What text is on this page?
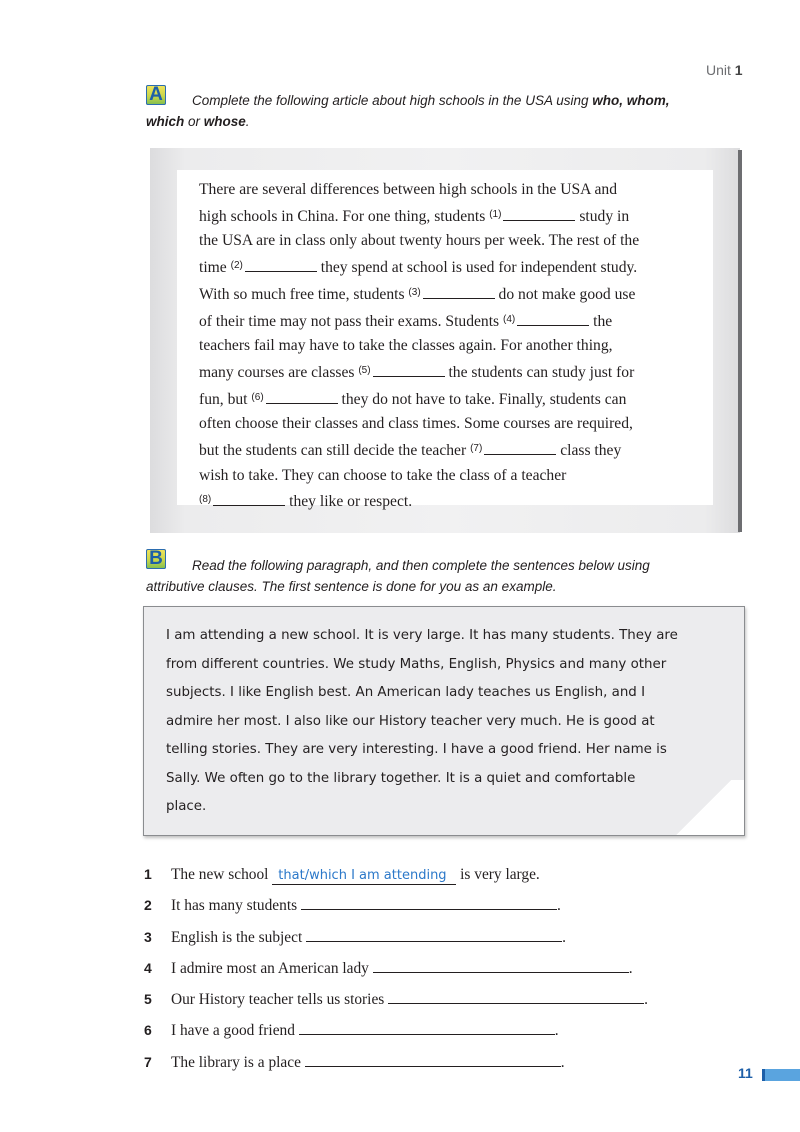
Unit 1
A	Complete the following article about high schools in the USA using who, whom,
which or whose.
There are several differences between high schools in the USA and
high schools in China. For one thing, students $^{(1)}$	study in
the USA are in class only about twenty hours per week. The rest of the
time $^{(2)}$	they spend at school is used for independent study.
With so much free time, students $^{(3)}$	do not make good use
of their time may not pass their exams. Students $^{(4)}$	the
teachers fail may have to take the classes again. For another thing,
many courses are classes $^{(5)}$	the students can study just for
fun, but $^{(6)}$	they do not have to take. Finally, students can
often choose their classes and class times. Some courses are required,
but the students can still decide the teacher $^{(7)}$	class they
wish to take. They can choose to take the class of a teacher
$^{(8)}$	they like or respect.
B	Read the following paragraph, and then complete the sentences below using
attributive clauses. The first sentence is done for you as an example.
I am attending a new school. It is very large. It has many students. They are
from different countries. We study Maths, English, Physics and many other
subjects. I like English best. An American lady teaches us English, and I
admire her most. I also like our History teacher very much. He is good at
telling stories. They are very interesting. I have a good friend. Her name is
Sally. We often go to the library together. It is a quiet and comfortable
place.
1 The new school that/which I am attending is very large.
2 It has many students	.
3 English is the subject	.
4 I admire most an American lady	.
5 Our History teacher tells us stories	.
6 I have a good friend	.
7 The library is a place	.
11
